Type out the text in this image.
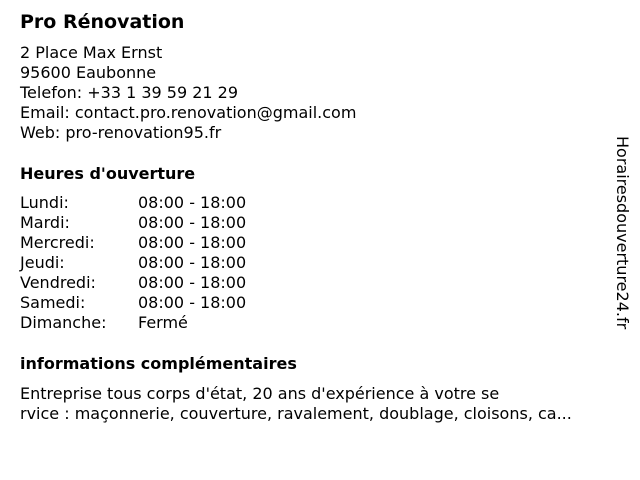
Pro Rénovation
2 Place Max Ernst
95600 Eaubonne
Telefon: +33 1 39 59 21 29
Email: contact.pro.renovation@gmail.com
Web: pro-renovation95.fr
Heures d'ouverture
Lundi:	08:00 - 18:00
Mardi:	08:00 - 18:00
Mercredi:	08:00 - 18:00
Jeudi:	08:00 - 18:00
Vendredi:	08:00 - 18:00
Samedi:	08:00 - 18:00
Dimanche: Fermé
informations complémentaires
Entreprise tous corps d'état, 20 ans d'expérience à votre se
rvice : maçonnerie, couverture, ravalement, doublage, cloisons, ca...
Horairesdouverture24.fr
